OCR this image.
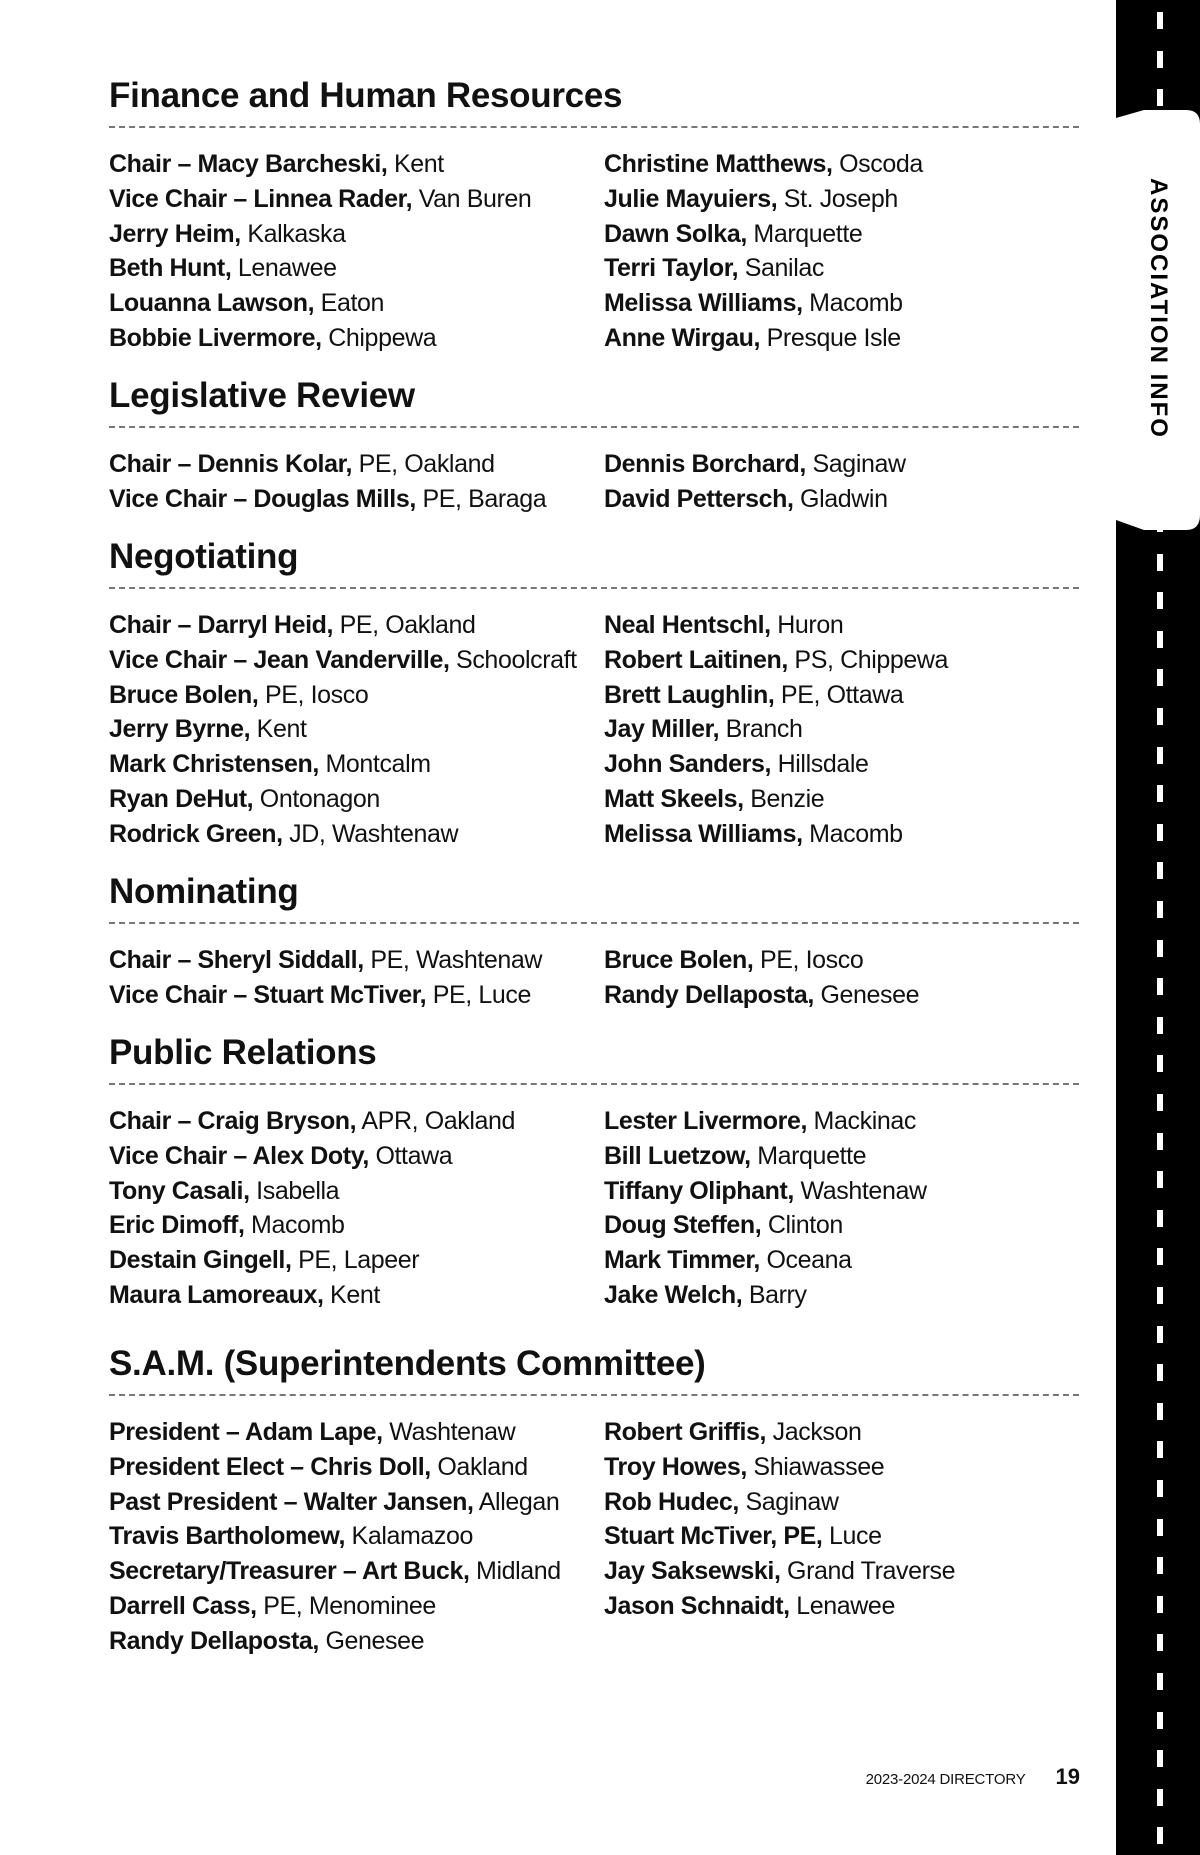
Finance and Human Resources
Chair – Macy Barcheski, Kent
Vice Chair – Linnea Rader, Van Buren
Jerry Heim, Kalkaska
Beth Hunt, Lenawee
Louanna Lawson, Eaton
Bobbie Livermore, Chippewa
Christine Matthews, Oscoda
Julie Mayuiers, St. Joseph
Dawn Solka, Marquette
Terri Taylor, Sanilac
Melissa Williams, Macomb
Anne Wirgau, Presque Isle
Legislative Review
Chair – Dennis Kolar, PE, Oakland
Vice Chair – Douglas Mills, PE, Baraga
Dennis Borchard, Saginaw
David Pettersch, Gladwin
Negotiating
Chair – Darryl Heid, PE, Oakland
Vice Chair – Jean Vanderville, Schoolcraft
Bruce Bolen, PE, Iosco
Jerry Byrne, Kent
Mark Christensen, Montcalm
Ryan DeHut, Ontonagon
Rodrick Green, JD, Washtenaw
Neal Hentschl, Huron
Robert Laitinen, PS, Chippewa
Brett Laughlin, PE, Ottawa
Jay Miller, Branch
John Sanders, Hillsdale
Matt Skeels, Benzie
Melissa Williams, Macomb
Nominating
Chair – Sheryl Siddall, PE, Washtenaw
Vice Chair – Stuart McTiver, PE, Luce
Bruce Bolen, PE, Iosco
Randy Dellaposta, Genesee
Public Relations
Chair – Craig Bryson, APR, Oakland
Vice Chair – Alex Doty, Ottawa
Tony Casali, Isabella
Eric Dimoff, Macomb
Destain Gingell, PE, Lapeer
Maura Lamoreaux, Kent
Lester Livermore, Mackinac
Bill Luetzow, Marquette
Tiffany Oliphant, Washtenaw
Doug Steffen, Clinton
Mark Timmer, Oceana
Jake Welch, Barry
S.A.M. (Superintendents Committee)
President – Adam Lape, Washtenaw
President Elect – Chris Doll, Oakland
Past President – Walter Jansen, Allegan
Travis Bartholomew, Kalamazoo
Secretary/Treasurer – Art Buck, Midland
Darrell Cass, PE, Menominee
Randy Dellaposta, Genesee
Robert Griffis, Jackson
Troy Howes, Shiawassee
Rob Hudec, Saginaw
Stuart McTiver, PE, Luce
Jay Saksewski, Grand Traverse
Jason Schnaidt, Lenawee
ASSOCIATION INFO
2023-2024 DIRECTORY 19
